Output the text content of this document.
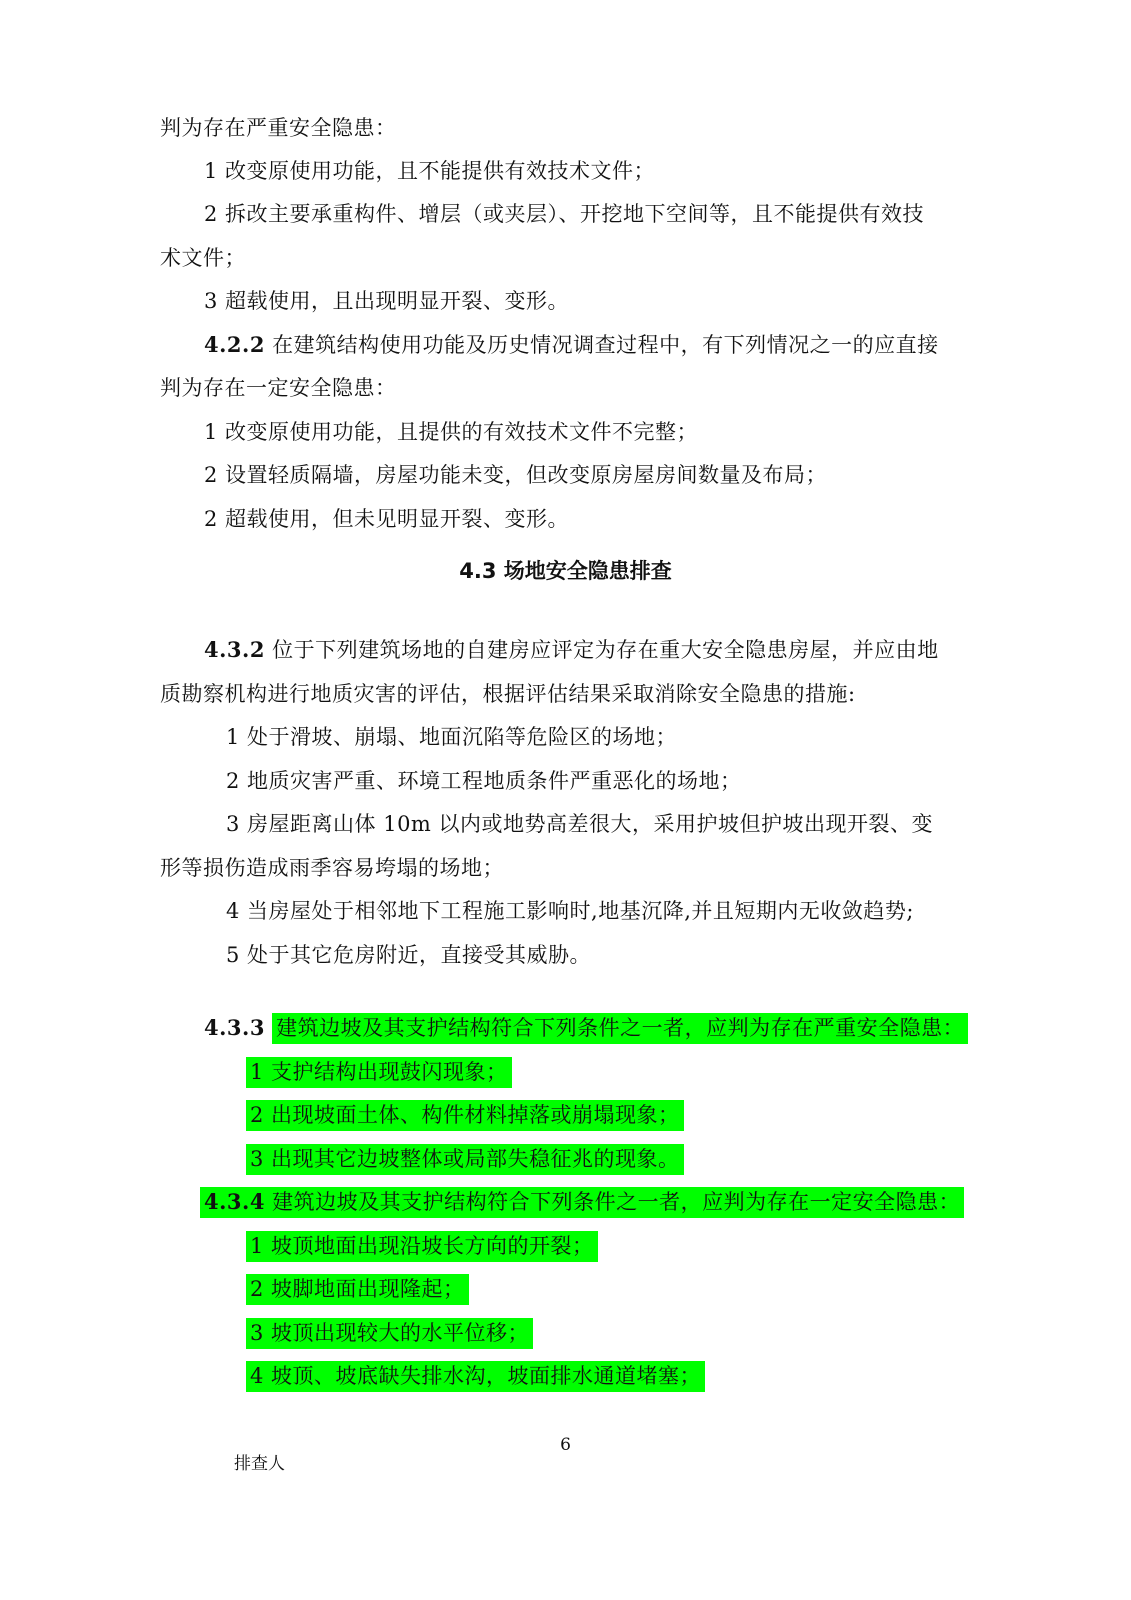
判为存在严重安全隐患：
1 改变原使用功能，且不能提供有效技术文件；
2 拆改主要承重构件、增层（或夹层）、开挖地下空间等，且不能提供有效技
术文件；
3 超载使用，且出现明显开裂、变形。
4.2.2 在建筑结构使用功能及历史情况调查过程中，有下列情况之一的应直接
判为存在一定安全隐患：
1 改变原使用功能，且提供的有效技术文件不完整；
2 设置轻质隔墙，房屋功能未变，但改变原房屋房间数量及布局；
2 超载使用，但未见明显开裂、变形。
4.3 场地安全隐患排查
4.3.2 位于下列建筑场地的自建房应评定为存在重大安全隐患房屋，并应由地
质勘察机构进行地质灾害的评估，根据评估结果采取消除安全隐患的措施:
1 处于滑坡、崩塌、地面沉陷等危险区的场地；
2 地质灾害严重、环境工程地质条件严重恶化的场地；
3 房屋距离山体 10m 以内或地势高差很大，采用护坡但护坡出现开裂、变
形等损伤造成雨季容易垮塌的场地；
4 当房屋处于相邻地下工程施工影响时,地基沉降,并且短期内无收敛趋势;
5 处于其它危房附近，直接受其威胁。
4.3.3 建筑边坡及其支护结构符合下列条件之一者，应判为存在严重安全隐患：
1 支护结构出现鼓闪现象；
2 出现坡面土体、构件材料掉落或崩塌现象；
3 出现其它边坡整体或局部失稳征兆的现象。
4.3.4 建筑边坡及其支护结构符合下列条件之一者，应判为存在一定安全隐患：
1 坡顶地面出现沿坡长方向的开裂；
2 坡脚地面出现隆起；
3 坡顶出现较大的水平位移；
4 坡顶、坡底缺失排水沟，坡面排水通道堵塞；
6
排查人
